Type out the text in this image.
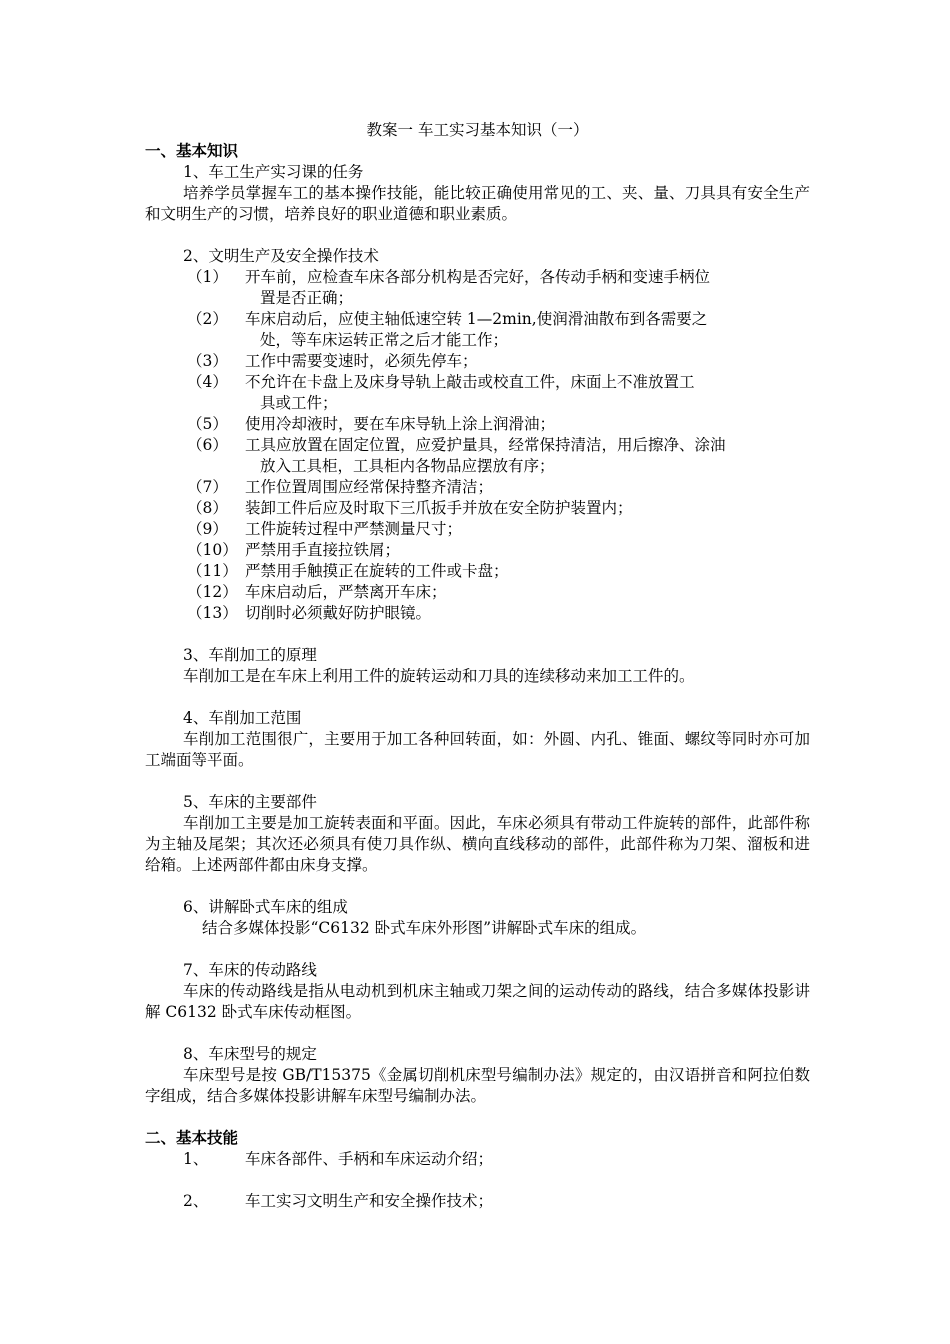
教案一 车工实习基本知识（一）

一、基本知识

1、车工生产实习课的任务

培养学员掌握车工的基本操作技能，能比较正确使用常见的工、夹、量、刀具具有安全生产和文明生产的习惯，培养良好的职业道德和职业素质。

2、文明生产及安全操作技术

（1）	开车前，应检查车床各部分机构是否完好，各传动手柄和变速手柄位
置是否正确；
（2）	车床启动后，应使主轴低速空转 1—2min,使润滑油散布到各需要之
处，等车床运转正常之后才能工作；
（3）	工作中需要变速时，必须先停车；
（4）	不允许在卡盘上及床身导轨上敲击或校直工件，床面上不准放置工
具或工件；
（5）	使用冷却液时，要在车床导轨上涂上润滑油；
（6）	工具应放置在固定位置，应爱护量具，经常保持清洁，用后擦净、涂油
放入工具柜，工具柜内各物品应摆放有序；
（7）	工作位置周围应经常保持整齐清洁；
（8）	装卸工件后应及时取下三爪扳手并放在安全防护装置内；
（9）	工件旋转过程中严禁测量尺寸；
（10） 严禁用手直接拉铁屑；
（11） 严禁用手触摸正在旋转的工件或卡盘；
（12） 车床启动后，严禁离开车床；
（13） 切削时必须戴好防护眼镜。

3、车削加工的原理

车削加工是在车床上利用工件的旋转运动和刀具的连续移动来加工工件的。

4、车削加工范围

车削加工范围很广，主要用于加工各种回转面，如：外圆、内孔、锥面、螺纹等同时亦可加工端面等平面。

5、车床的主要部件

车削加工主要是加工旋转表面和平面。因此，车床必须具有带动工件旋转的部件，此部件称为主轴及尾架；其次还必须具有使刀具作纵、横向直线移动的部件，此部件称为刀架、溜板和进给箱。上述两部件都由床身支撑。

6、讲解卧式车床的组成

结合多媒体投影“C6132 卧式车床外形图”讲解卧式车床的组成。

7、车床的传动路线

车床的传动路线是指从电动机到机床主轴或刀架之间的运动传动的路线，结合多媒体投影讲解 C6132 卧式车床传动框图。

8、车床型号的规定

车床型号是按 GB/T15375《金属切削机床型号编制办法》规定的，由汉语拼音和阿拉伯数字组成，结合多媒体投影讲解车床型号编制办法。

二、基本技能

1、	车床各部件、手柄和车床运动介绍；
2、	车工实习文明生产和安全操作技术；
